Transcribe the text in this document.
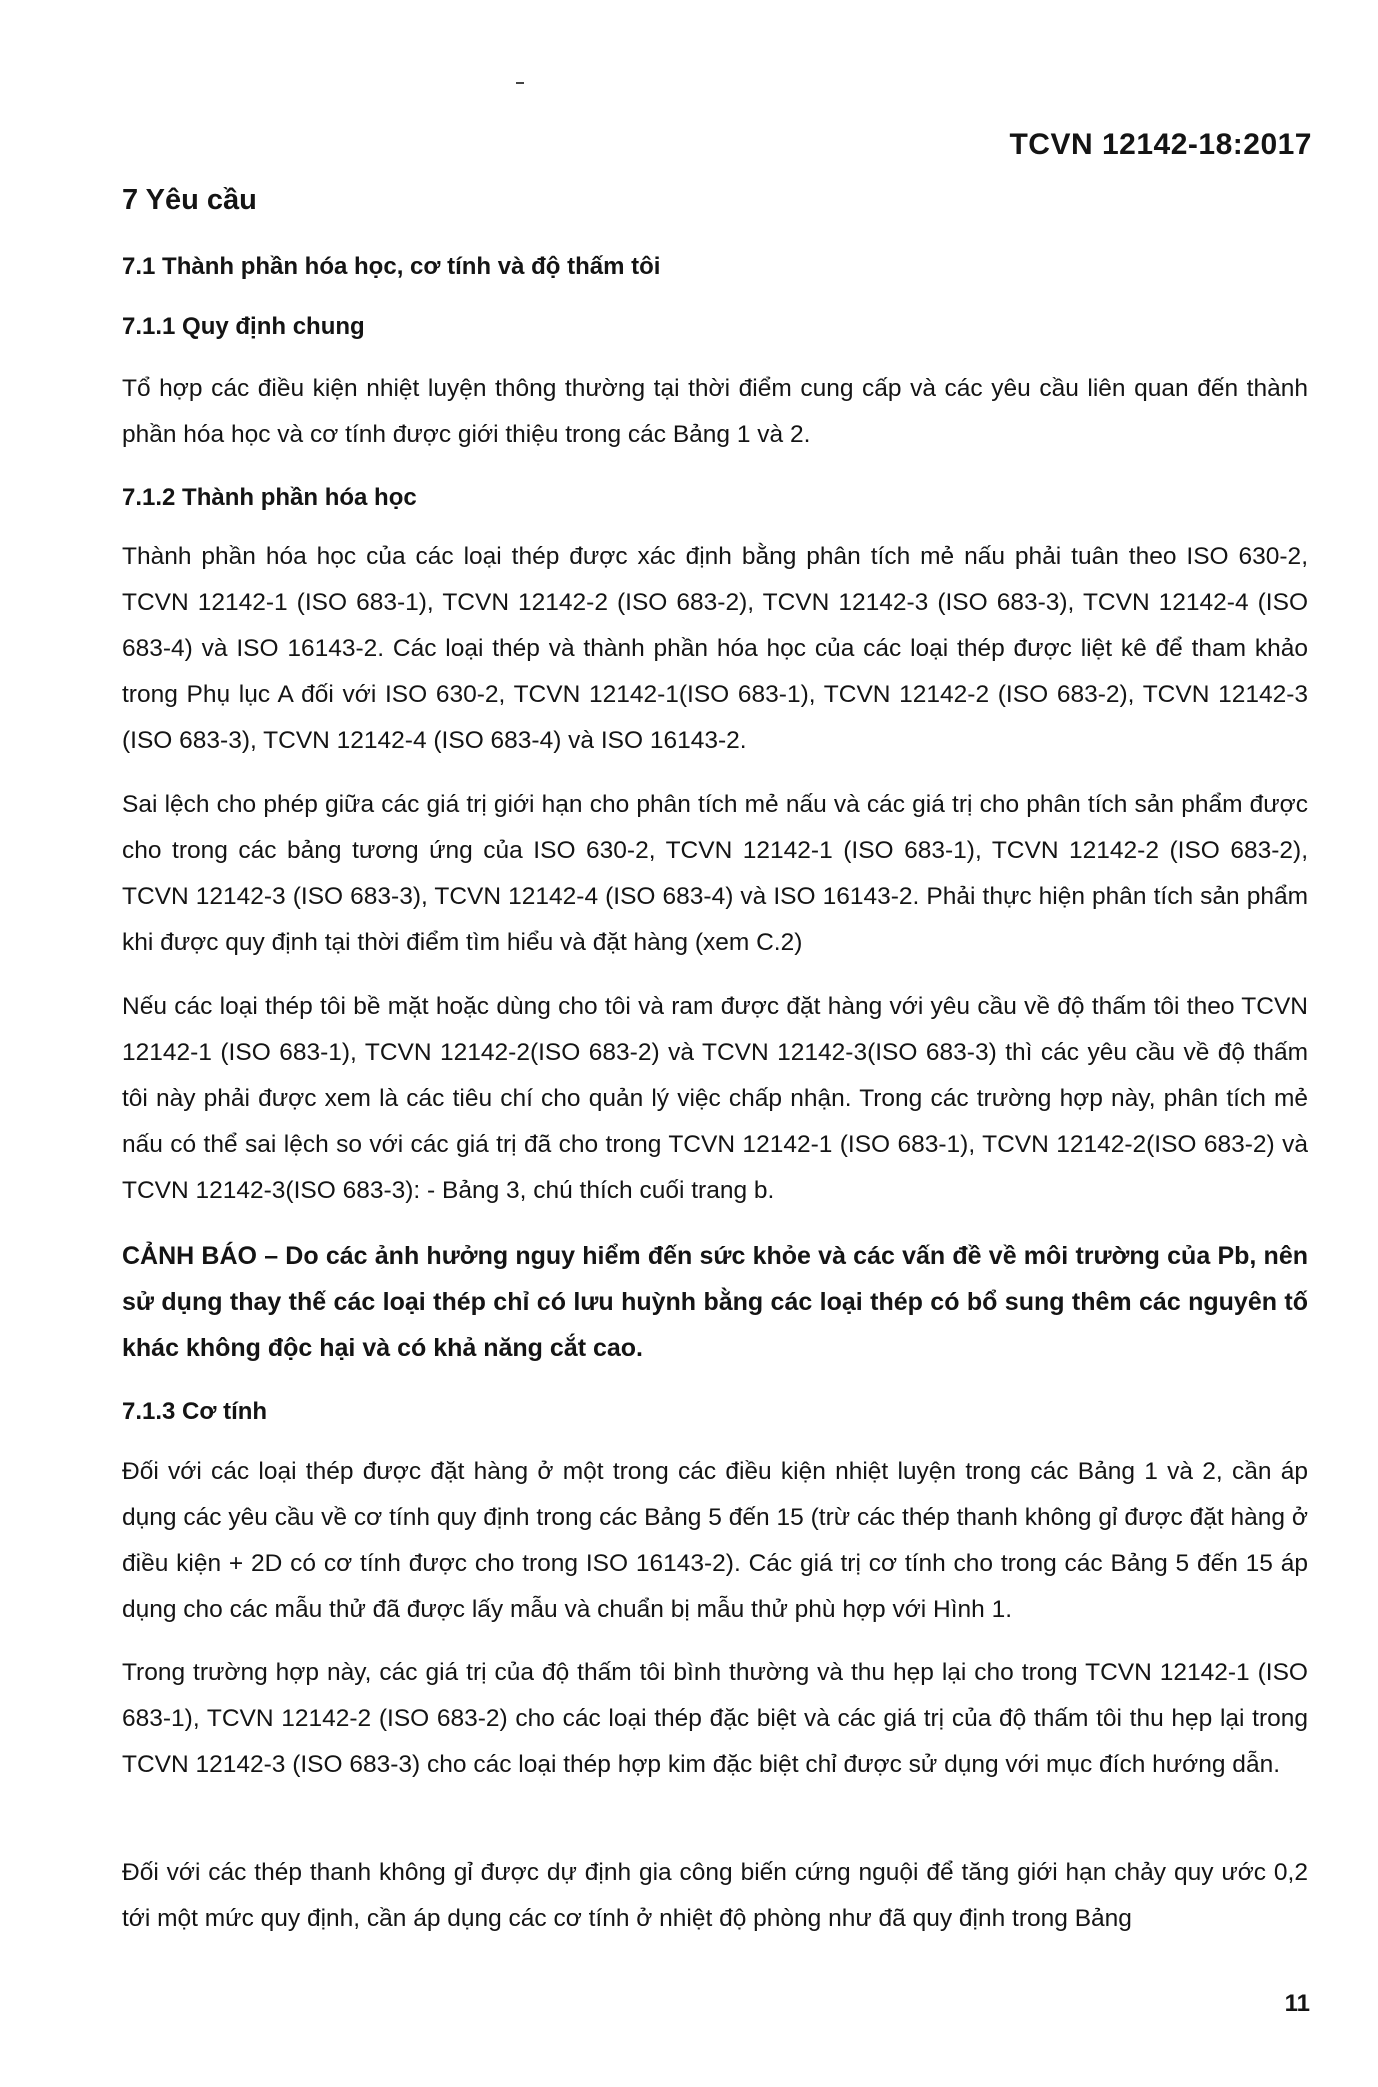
TCVN 12142-18:2017
7 Yêu cầu
7.1 Thành phần hóa học, cơ tính và độ thấm tôi
7.1.1 Quy định chung
Tổ hợp các điều kiện nhiệt luyện thông thường tại thời điểm cung cấp và các yêu cầu liên quan đến thành phần hóa học và cơ tính được giới thiệu trong các Bảng 1 và 2.
7.1.2 Thành phần hóa học
Thành phần hóa học của các loại thép được xác định bằng phân tích mẻ nấu phải tuân theo ISO 630-2, TCVN 12142-1 (ISO 683-1), TCVN 12142-2 (ISO 683-2), TCVN 12142-3 (ISO 683-3), TCVN 12142-4 (ISO 683-4) và ISO 16143-2. Các loại thép và thành phần hóa học của các loại thép được liệt kê để tham khảo trong Phụ lục A đối với ISO 630-2, TCVN 12142-1(ISO 683-1), TCVN 12142-2 (ISO 683-2), TCVN 12142-3 (ISO 683-3), TCVN 12142-4 (ISO 683-4) và ISO 16143-2.
Sai lệch cho phép giữa các giá trị giới hạn cho phân tích mẻ nấu và các giá trị cho phân tích sản phẩm được cho trong các bảng tương ứng của ISO 630-2, TCVN 12142-1 (ISO 683-1), TCVN 12142-2 (ISO 683-2), TCVN 12142-3 (ISO 683-3), TCVN 12142-4 (ISO 683-4) và ISO 16143-2. Phải thực hiện phân tích sản phẩm khi được quy định tại thời điểm tìm hiểu và đặt hàng (xem C.2)
Nếu các loại thép tôi bề mặt hoặc dùng cho tôi và ram được đặt hàng với yêu cầu về độ thấm tôi theo TCVN 12142-1 (ISO 683-1), TCVN 12142-2(ISO 683-2) và TCVN 12142-3(ISO 683-3) thì các yêu cầu về độ thấm tôi này phải được xem là các tiêu chí cho quản lý việc chấp nhận. Trong các trường hợp này, phân tích mẻ nấu có thể sai lệch so với các giá trị đã cho trong TCVN 12142-1 (ISO 683-1), TCVN 12142-2(ISO 683-2) và TCVN 12142-3(ISO 683-3): - Bảng 3, chú thích cuối trang b.
CẢNH BÁO – Do các ảnh hưởng nguy hiểm đến sức khỏe và các vấn đề về môi trường của Pb, nên sử dụng thay thế các loại thép chỉ có lưu huỳnh bằng các loại thép có bổ sung thêm các nguyên tố khác không độc hại và có khả năng cắt cao.
7.1.3 Cơ tính
Đối với các loại thép được đặt hàng ở một trong các điều kiện nhiệt luyện trong các Bảng 1 và 2, cần áp dụng các yêu cầu về cơ tính quy định trong các Bảng 5 đến 15 (trừ các thép thanh không gỉ được đặt hàng ở điều kiện + 2D có cơ tính được cho trong ISO 16143-2). Các giá trị cơ tính cho trong các Bảng 5 đến 15 áp dụng cho các mẫu thử đã được lấy mẫu và chuẩn bị mẫu thử phù hợp với Hình 1.
Trong trường hợp này, các giá trị của độ thấm tôi bình thường và thu hẹp lại cho trong TCVN 12142-1 (ISO 683-1), TCVN 12142-2 (ISO 683-2) cho các loại thép đặc biệt và các giá trị của độ thấm tôi thu hẹp lại trong TCVN 12142-3 (ISO 683-3) cho các loại thép hợp kim đặc biệt chỉ được sử dụng với mục đích hướng dẫn.
Đối với các thép thanh không gỉ được dự định gia công biến cứng nguội để tăng giới hạn chảy quy ước 0,2 tới một mức quy định, cần áp dụng các cơ tính ở nhiệt độ phòng như đã quy định trong Bảng
11
